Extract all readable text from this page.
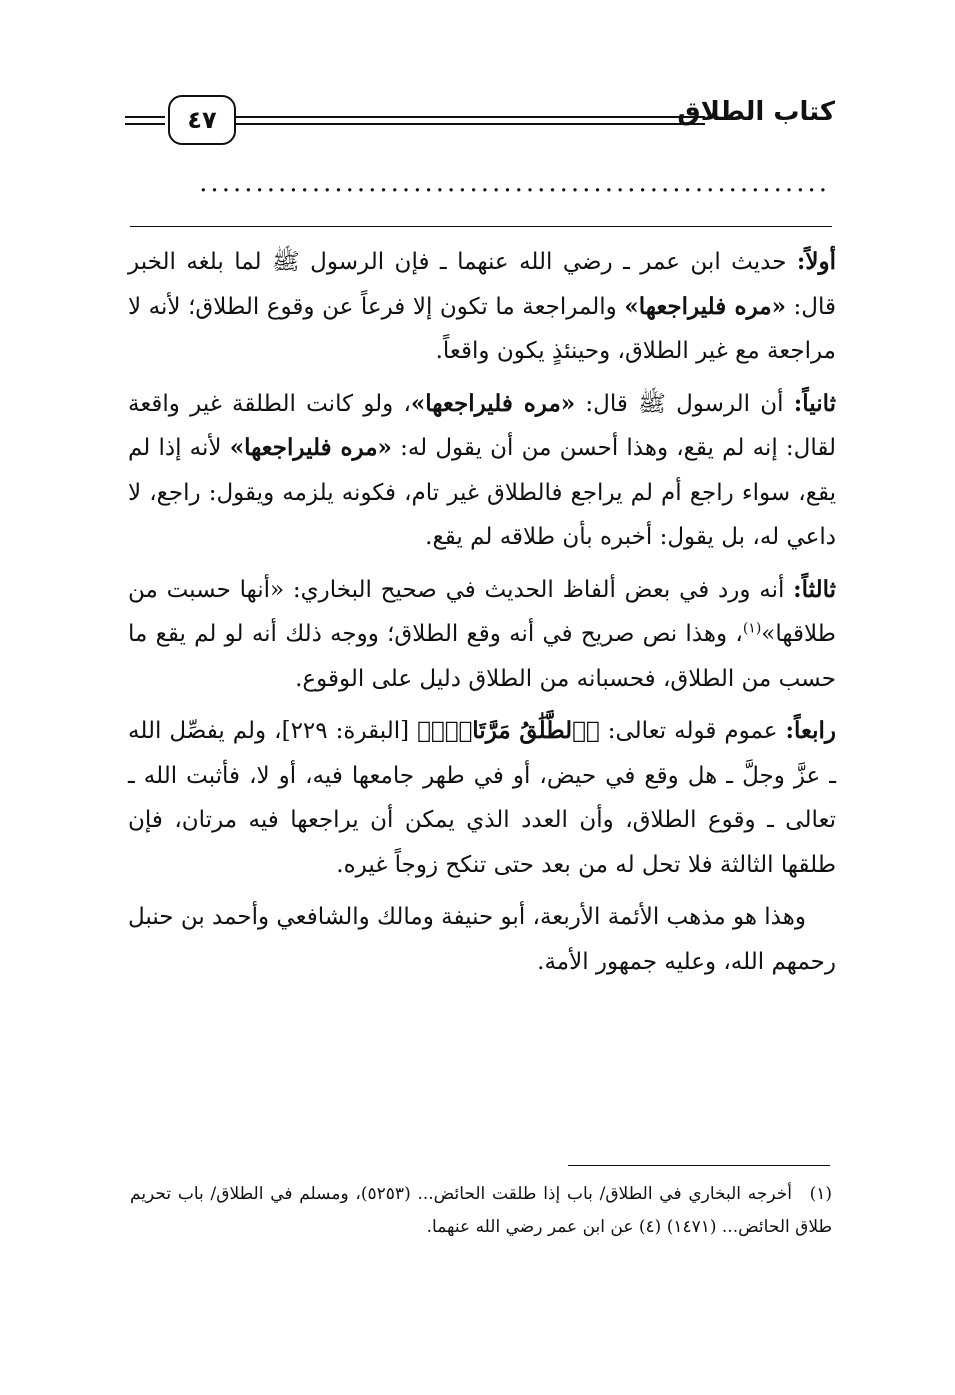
كتاب الطلاق
٤٧
........................................................

أولاً: حديث ابن عمر ـ رضي الله عنهما ـ فإن الرسول ﷺ لما بلغه الخبر قال: «مره فليراجعها» والمراجعة ما تكون إلا فرعاً عن وقوع الطلاق؛ لأنه لا مراجعة مع غير الطلاق، وحينئذٍ يكون واقعاً.

ثانياً: أن الرسول ﷺ قال: «مره فليراجعها»، ولو كانت الطلقة غير واقعة لقال: إنه لم يقع، وهذا أحسن من أن يقول له: «مره فليراجعها» لأنه إذا لم يقع، سواء راجع أم لم يراجع فالطلاق غير تام، فكونه يلزمه ويقول: راجع، لا داعي له، بل يقول: أخبره بأن طلاقه لم يقع.

ثالثاً: أنه ورد في بعض ألفاظ الحديث في صحيح البخاري: «أنها حسبت من طلاقها»$^{(١)}$، وهذا نص صريح في أنه وقع الطلاق؛ ووجه ذلك أنه لو لم يقع ما حسب من الطلاق، فحسبانه من الطلاق دليل على الوقوع.

رابعاً: عموم قوله تعالى: ﴿ٱلطَّلَٰقُ مَرَّتَانِۖ﴾ [البقرة: ٢٢٩]، ولم يفصِّل الله ـ عزَّ وجلَّ ـ هل وقع في حيض، أو في طهر جامعها فيه، أو لا، فأثبت الله ـ تعالى ـ وقوع الطلاق، وأن العدد الذي يمكن أن يراجعها فيه مرتان، فإن طلقها الثالثة فلا تحل له من بعد حتى تنكح زوجاً غيره.

وهذا هو مذهب الأئمة الأربعة، أبو حنيفة ومالك والشافعي وأحمد بن حنبل رحمهم الله، وعليه جمهور الأمة.

(١)أخرجه البخاري في الطلاق/ باب إذا طلقت الحائض... (٥٢٥٣)، ومسلم في الطلاق/ باب تحريم طلاق الحائض... (١٤٧١) (٤) عن ابن عمر رضي الله عنهما.
